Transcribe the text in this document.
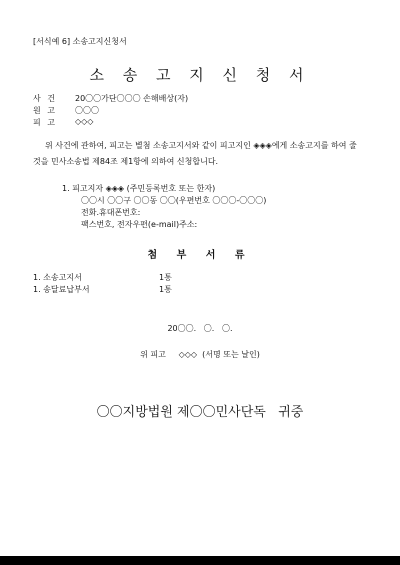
[서식예 6] 소송고지신청서
소 송 고 지 신 청 서
사 건 20〇〇가단〇〇〇 손해배상(자)
원 고 〇〇〇
피 고 ◇◇◇
위 사건에 관하여, 피고는 별첨 소송고지서와 같이 피고지인 ◈◈◈에게 소송고지를 하여 줄
것을 민사소송법 제84조 제1항에 의하여 신청합니다.
1. 피고지자 ◈◈◈ (주민등록번호 또는 한자)
〇〇시 〇〇구 〇〇동 〇〇(우편번호 〇〇〇-〇〇〇)
전화.휴대폰번호:
팩스번호, 전자우편(e-mail)주소:
첨 부 서 류
1. 소송고지서	1통
1. 송달료납부서	1통
20〇〇.   〇.   〇.
위 피고     ◇◇◇  (서명 또는 날인)
〇〇지방법원 제〇〇민사단독   귀중
